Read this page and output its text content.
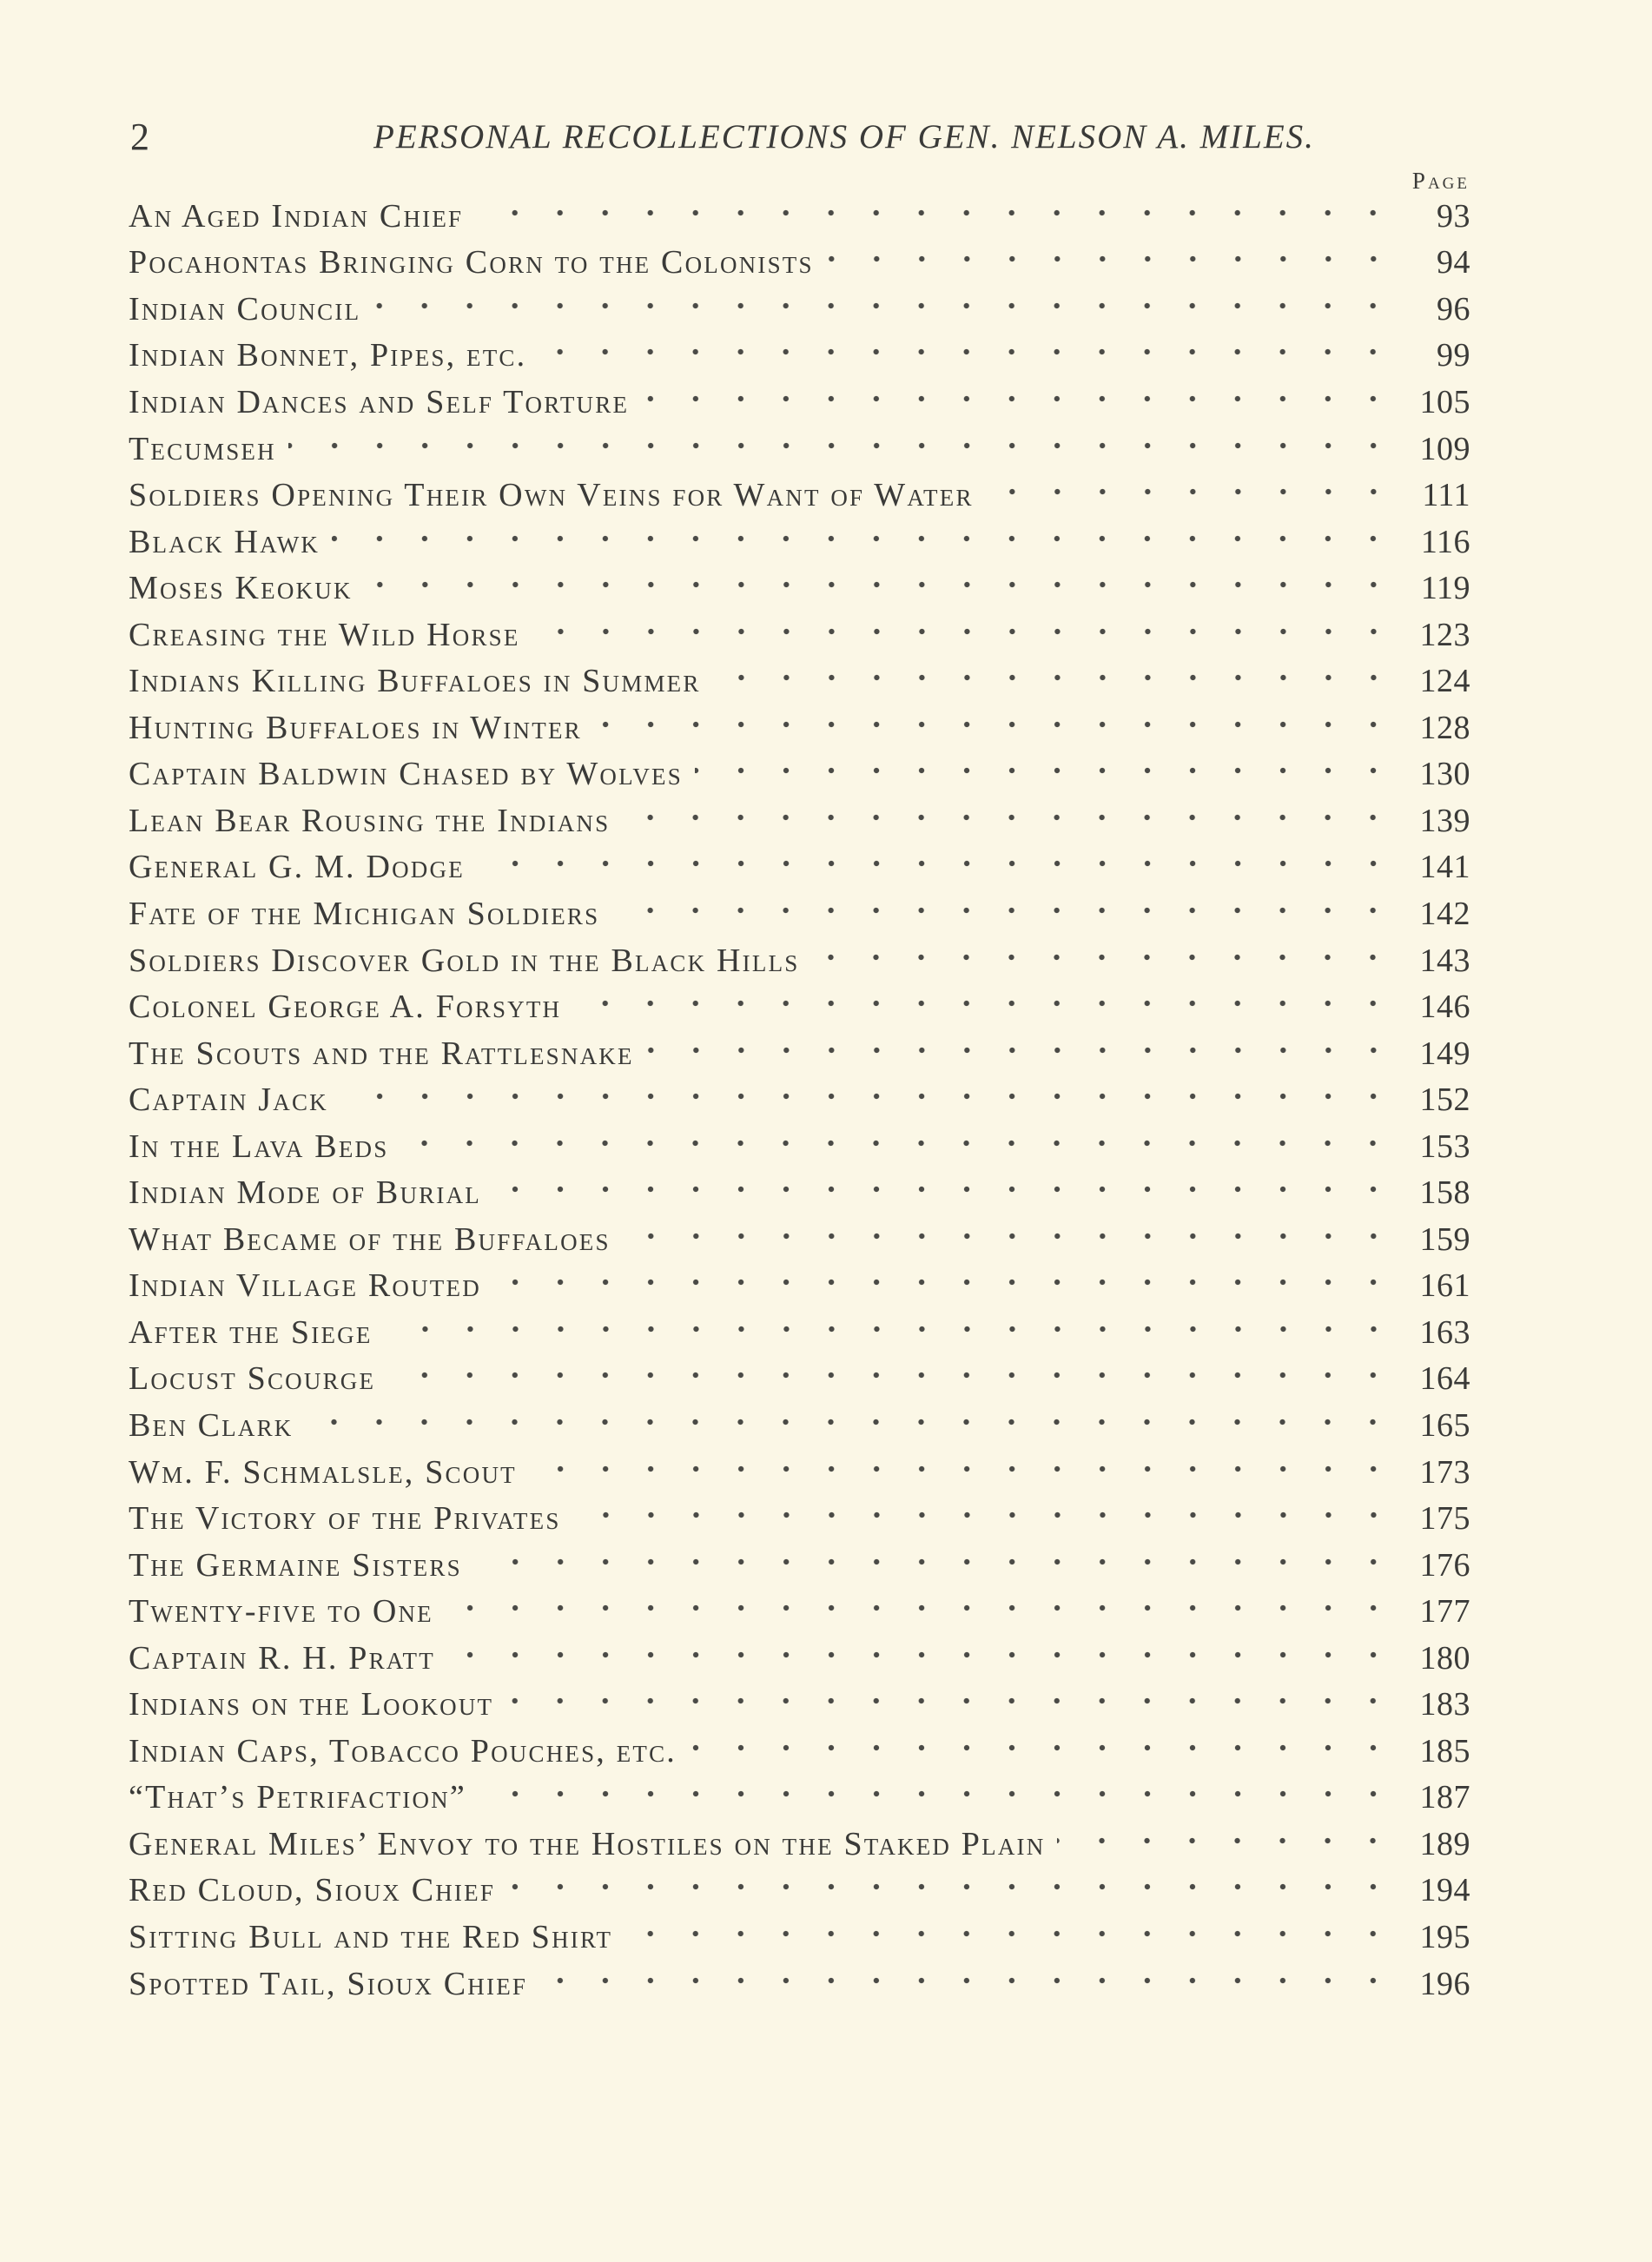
2	PERSONAL RECOLLECTIONS OF GEN. NELSON A. MILES.
Page
An Aged Indian Chief	93
Pocahontas Bringing Corn to the Colonists	94
Indian Council	96
Indian Bonnet, Pipes, etc.	99
Indian Dances and Self Torture	105
Tecumseh	109
Soldiers Opening Their Own Veins for Want of Water	111
Black Hawk	116
Moses Keokuk	119
Creasing the Wild Horse	123
Indians Killing Buffaloes in Summer	124
Hunting Buffaloes in Winter	128
Captain Baldwin Chased by Wolves	130
Lean Bear Rousing the Indians	139
General G. M. Dodge	141
Fate of the Michigan Soldiers	142
Soldiers Discover Gold in the Black Hills	143
Colonel George A. Forsyth	146
The Scouts and the Rattlesnake	149
Captain Jack	152
In the Lava Beds	153
Indian Mode of Burial	158
What Became of the Buffaloes	159
Indian Village Routed	161
After the Siege	163
Locust Scourge	164
Ben Clark	165
Wm. F. Schmalsle, Scout	173
The Victory of the Privates	175
The Germaine Sisters	176
Twenty-five to One	177
Captain R. H. Pratt	180
Indians on the Lookout	183
Indian Caps, Tobacco Pouches, etc.	185
“That’s Petrifaction”	187
General Miles’ Envoy to the Hostiles on the Staked Plain	189
Red Cloud, Sioux Chief	194
Sitting Bull and the Red Shirt	195
Spotted Tail, Sioux Chief	196
